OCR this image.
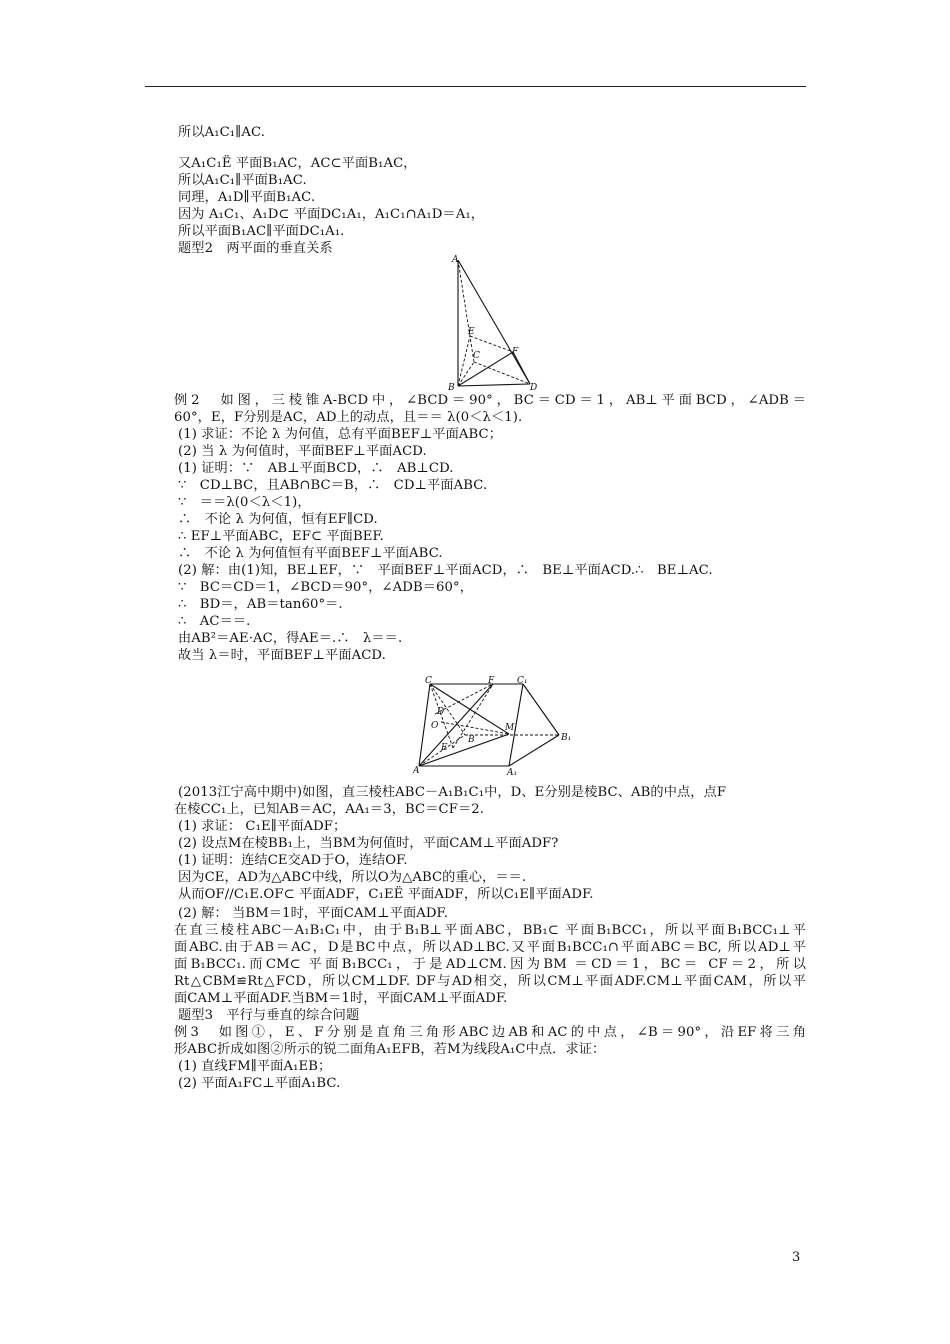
所以A₁C₁∥AC.
又A₁C₁Ë 平面B₁AC，AC⊂平面B₁AC，
所以A₁C₁∥平面B₁AC.
同理，A₁D∥平面B₁AC.
因为 A₁C₁、A₁D⊂ 平面DC₁A₁，A₁C₁∩A₁D＝A₁，
所以平面B₁AC∥平面DC₁A₁.
题型2　两平面的垂直关系
A
E
C	F
B	D
例2　如图，三棱锥A-BCD中，∠BCD＝90°，BC＝CD＝1，AB⊥平面BCD，∠ADB＝
60°，E，F分别是AC，AD上的动点，且＝＝ λ(0＜λ＜1).
(1) 求证：不论 λ 为何值，总有平面BEF⊥平面ABC；
(2) 当 λ 为何值时，平面BEF⊥平面ACD.
(1) 证明：∵　AB⊥平面BCD，∴　AB⊥CD.
∵　CD⊥BC，且AB∩BC＝B，∴　CD⊥平面ABC.
∵　＝＝λ(0＜λ＜1)，
∴　不论 λ 为何值，恒有EF∥CD.
∴ EF⊥平面ABC，EF⊂ 平面BEF.
∴　不论 λ 为何值恒有平面BEF⊥平面ABC.
(2) 解：由(1)知，BE⊥EF，∵　平面BEF⊥平面ACD，∴　BE⊥平面ACD.∴　BE⊥AC.
∵　BC＝CD＝1，∠BCD＝90°，∠ADB＝60°，
∴　BD＝，AB＝tan60°＝.
∴　AC＝＝.
由AB²＝AE·AC，得AE＝.∴　λ＝＝.
故当 λ＝时，平面BEF⊥平面ACD.
C	F	C₁
D
O	M
E
B	B₁
A	A₁
(2013江宁高中期中)如图，直三棱柱ABC－A₁B₁C₁中，D、E分别是棱BC、AB的中点，点F
在棱CC₁上，已知AB＝AC，AA₁＝3，BC＝CF＝2.
(1) 求证： C₁E∥平面ADF；
(2) 设点M在棱BB₁上，当BM为何值时，平面CAM⊥平面ADF?
(1) 证明：连结CE交AD于O，连结OF.
因为CE，AD为△ABC中线，所以O为△ABC的重心，＝＝.
从而OF//C₁E.OF⊂ 平面ADF，C₁EË 平面ADF，所以C₁E∥平面ADF.
(2) 解： 当BM＝1时，平面CAM⊥平面ADF.
在直三棱柱ABC－A₁B₁C₁中，由于B₁B⊥平面ABC，BB₁⊂ 平面B₁BCC₁，所以平面B₁BCC₁⊥平
面ABC.由于AB＝AC，D是BC中点，所以AD⊥BC.又平面B₁BCC₁∩平面ABC＝BC, 所以AD⊥平
面B₁BCC₁.而CM⊂ 平面B₁BCC₁，于是AD⊥CM.因为BM ＝CD＝1，BC＝ CF＝2，所以
Rt△CBM≌Rt△FCD，所以CM⊥DF. DF与AD相交，所以CM⊥平面ADF.CM⊥平面CAM，所以平
面CAM⊥平面ADF.当BM＝1时，平面CAM⊥平面ADF.
题型3　平行与垂直的综合问题
例3　如图①，E、F分别是直角三角形ABC边AB和AC的中点，∠B＝90°，沿EF将三角
形ABC折成如图②所示的锐二面角A₁EFB，若M为线段A₁C中点．求证：
(1) 直线FM∥平面A₁EB；
(2) 平面A₁FC⊥平面A₁BC.
3
